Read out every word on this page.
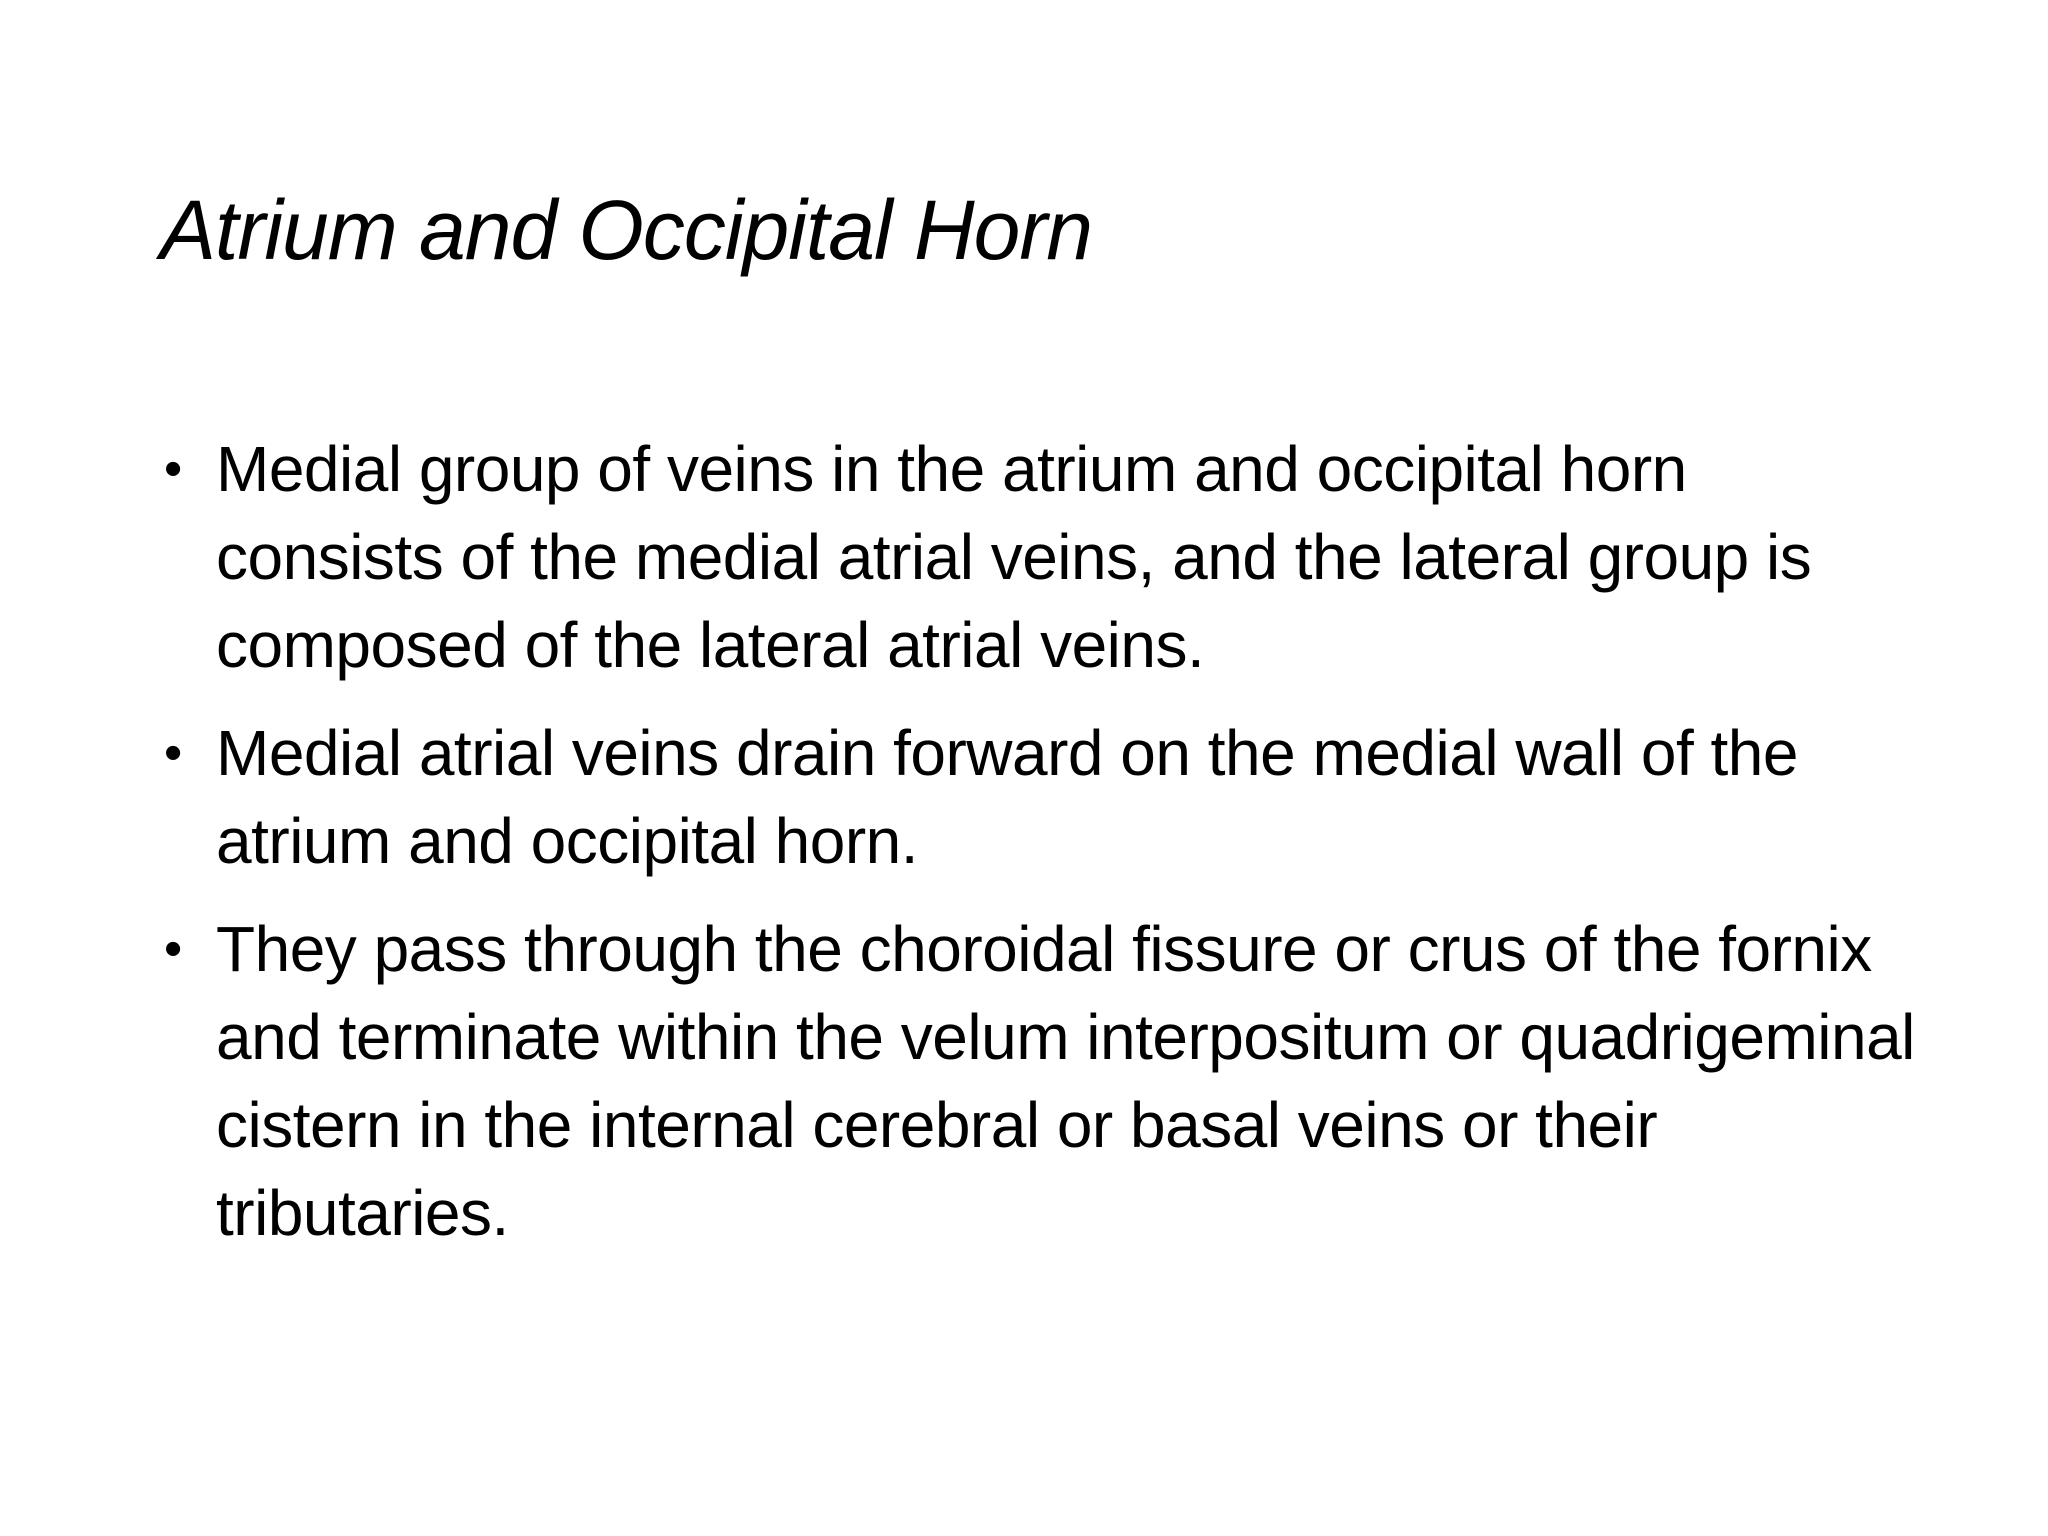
Atrium and Occipital Horn
• Medial group of veins in the atrium and occipital horn consists of the medial atrial veins, and the lateral group is composed of the lateral atrial veins.
• Medial atrial veins drain forward on the medial wall of the atrium and occipital horn.
• They pass through the choroidal fissure or crus of the fornix and terminate within the velum interpositum or quadrigeminal cistern in the internal cerebral or basal veins or their tributaries.
